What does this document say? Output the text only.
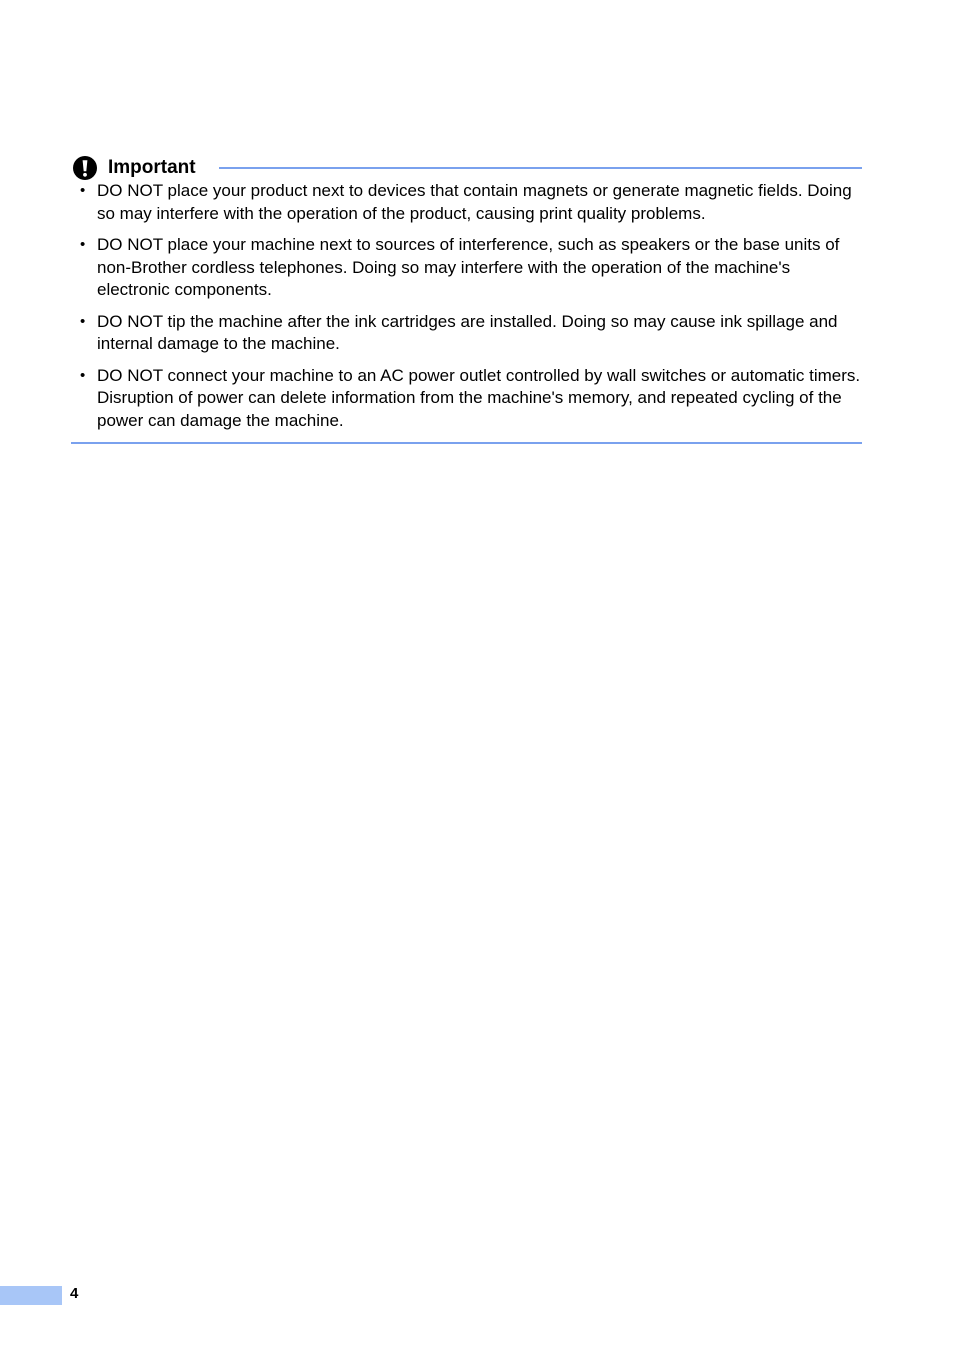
Important
• DO NOT place your product next to devices that contain magnets or generate magnetic fields. Doing so may interfere with the operation of the product, causing print quality problems.
• DO NOT place your machine next to sources of interference, such as speakers or the base units of non-Brother cordless telephones. Doing so may interfere with the operation of the machine's electronic components.
• DO NOT tip the machine after the ink cartridges are installed. Doing so may cause ink spillage and internal damage to the machine.
• DO NOT connect your machine to an AC power outlet controlled by wall switches or automatic timers. Disruption of power can delete information from the machine's memory, and repeated cycling of the power can damage the machine.
4
